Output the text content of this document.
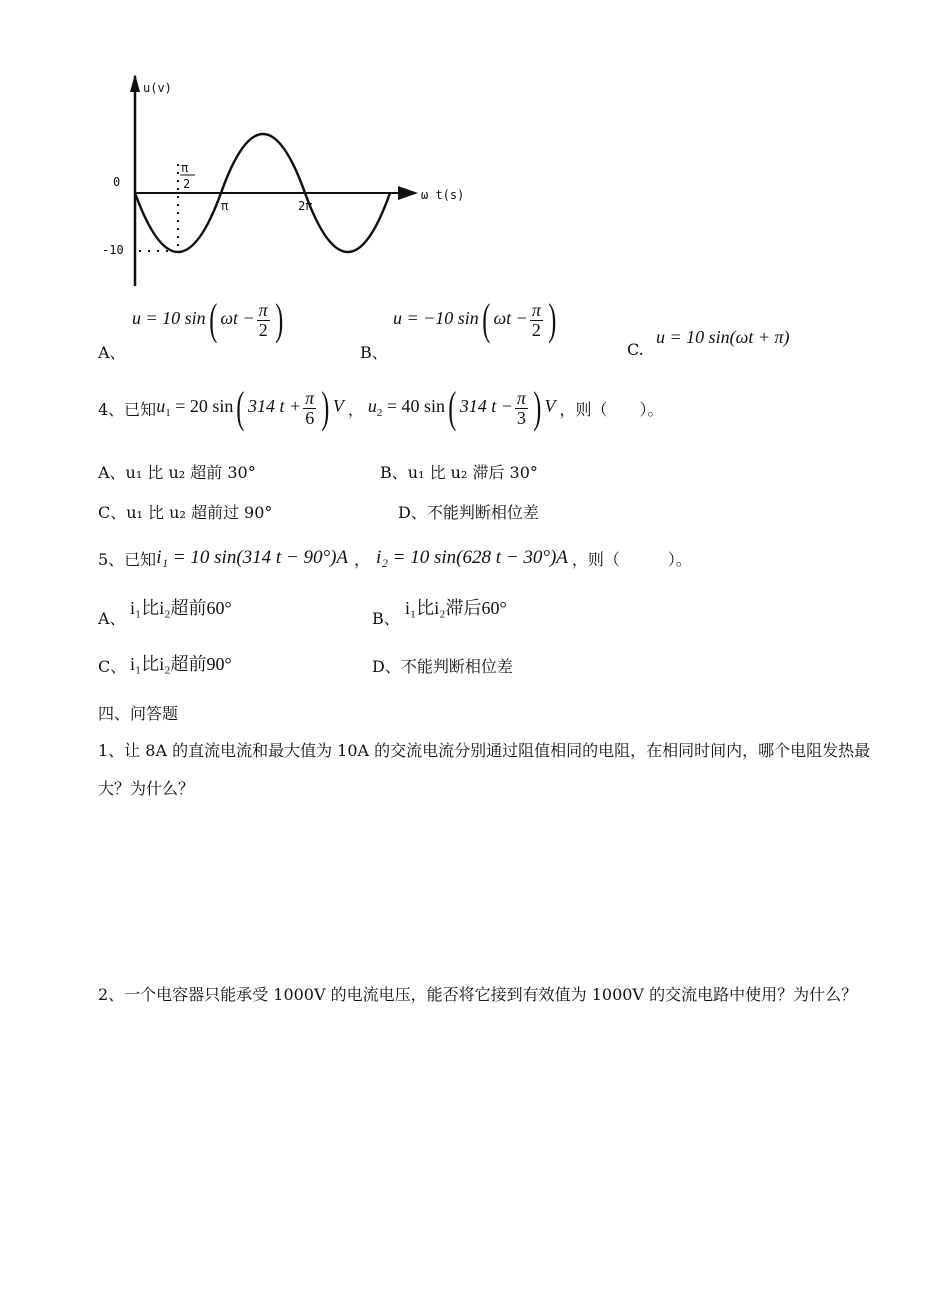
u(v)
ω t(s)
0
-10
π	2π
π
2
A、
u = 10 sin( $\omega t - \frac{\pi}{2}$ )
B、
u = −10 sin( $\omega t - \frac{\pi}{2}$ )
C.
u = 10 sin(ωt + π)
4、已知 $u_1 = 20$ sin( 314 $t + \frac{\pi}{6}$ ) V ， $u_2 = 40$ sin( 314 $t - \frac{\pi}{3}$ ) V ，则（　　）。
A、u₁ 比 u₂ 超前 30°	B、u₁ 比 u₂ 滞后 30°
C、u₁ 比 u₂ 超前过 90°	D、不能判断相位差
5、已知 i₁ = 10 sin(314 t − 90°)A ， i₂ = 10 sin(628 t − 30°)A ，则（　　　）。
A、
i₁比i₂超前60°
B、
i₁比i₂滞后60°
C、 i₁比i₂超前90°	D、不能判断相位差
四、问答题
1、让 8A 的直流电流和最大值为 10A 的交流电流分别通过阻值相同的电阻，在相同时间内，哪个电阻发热最大？为什么？
2、一个电容器只能承受 1000V 的电流电压，能否将它接到有效值为 1000V 的交流电路中使用？为什么？
